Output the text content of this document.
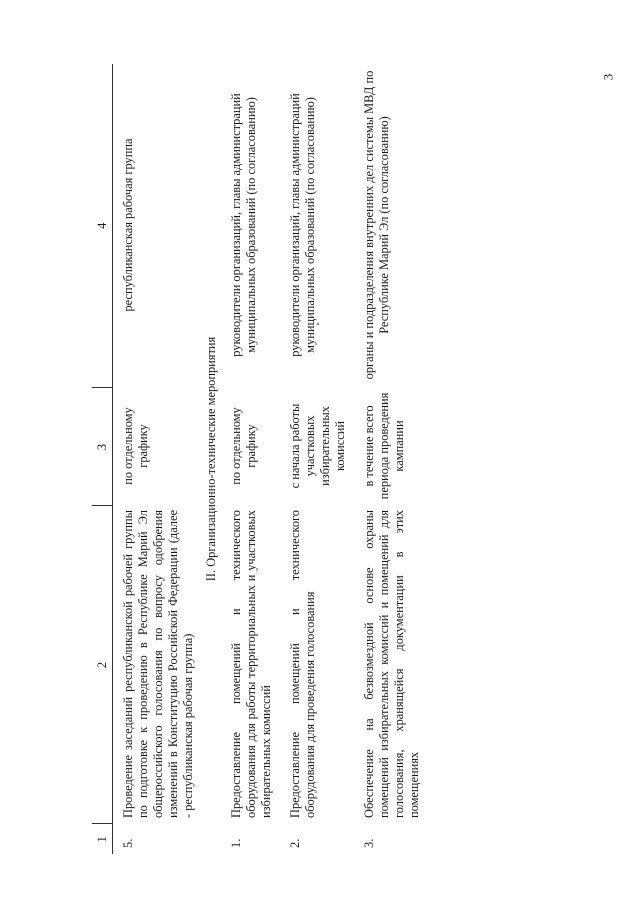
3
1	2	3	4
5.	Проведение заседаний республиканской рабочей группы по подготовке к проведению в Республике Марий Эл общероссийского голосования по вопросу одобрения изменений в Конституцию Российской Федерации (далее - республиканская рабочая группа)	по отдельному графику	республиканская рабочая группа
II. Организационно-технические мероприятия			
1.	Предоставление помещений и технического оборудования для работы территориальных и участковых избирательных комиссий	по отдельному графику	руководители организаций, главы администраций муниципальных образований (по согласованию)
2.	Предоставление помещений и технического оборудования для проведения голосования	с начала работы участковых избирательных комиссий	руководители организаций, главы администраций муниципальных образований (по согласованию)
3.	Обеспечение на безвозмездной основе охраны помещений избирательных комиссий и помещений для голосования, хранящейся документации в этих помещениях	в течение всего периода проведения кампании	органы и подразделения внутренних дел системы МВД по Республике Марий Эл (по согласованию)
